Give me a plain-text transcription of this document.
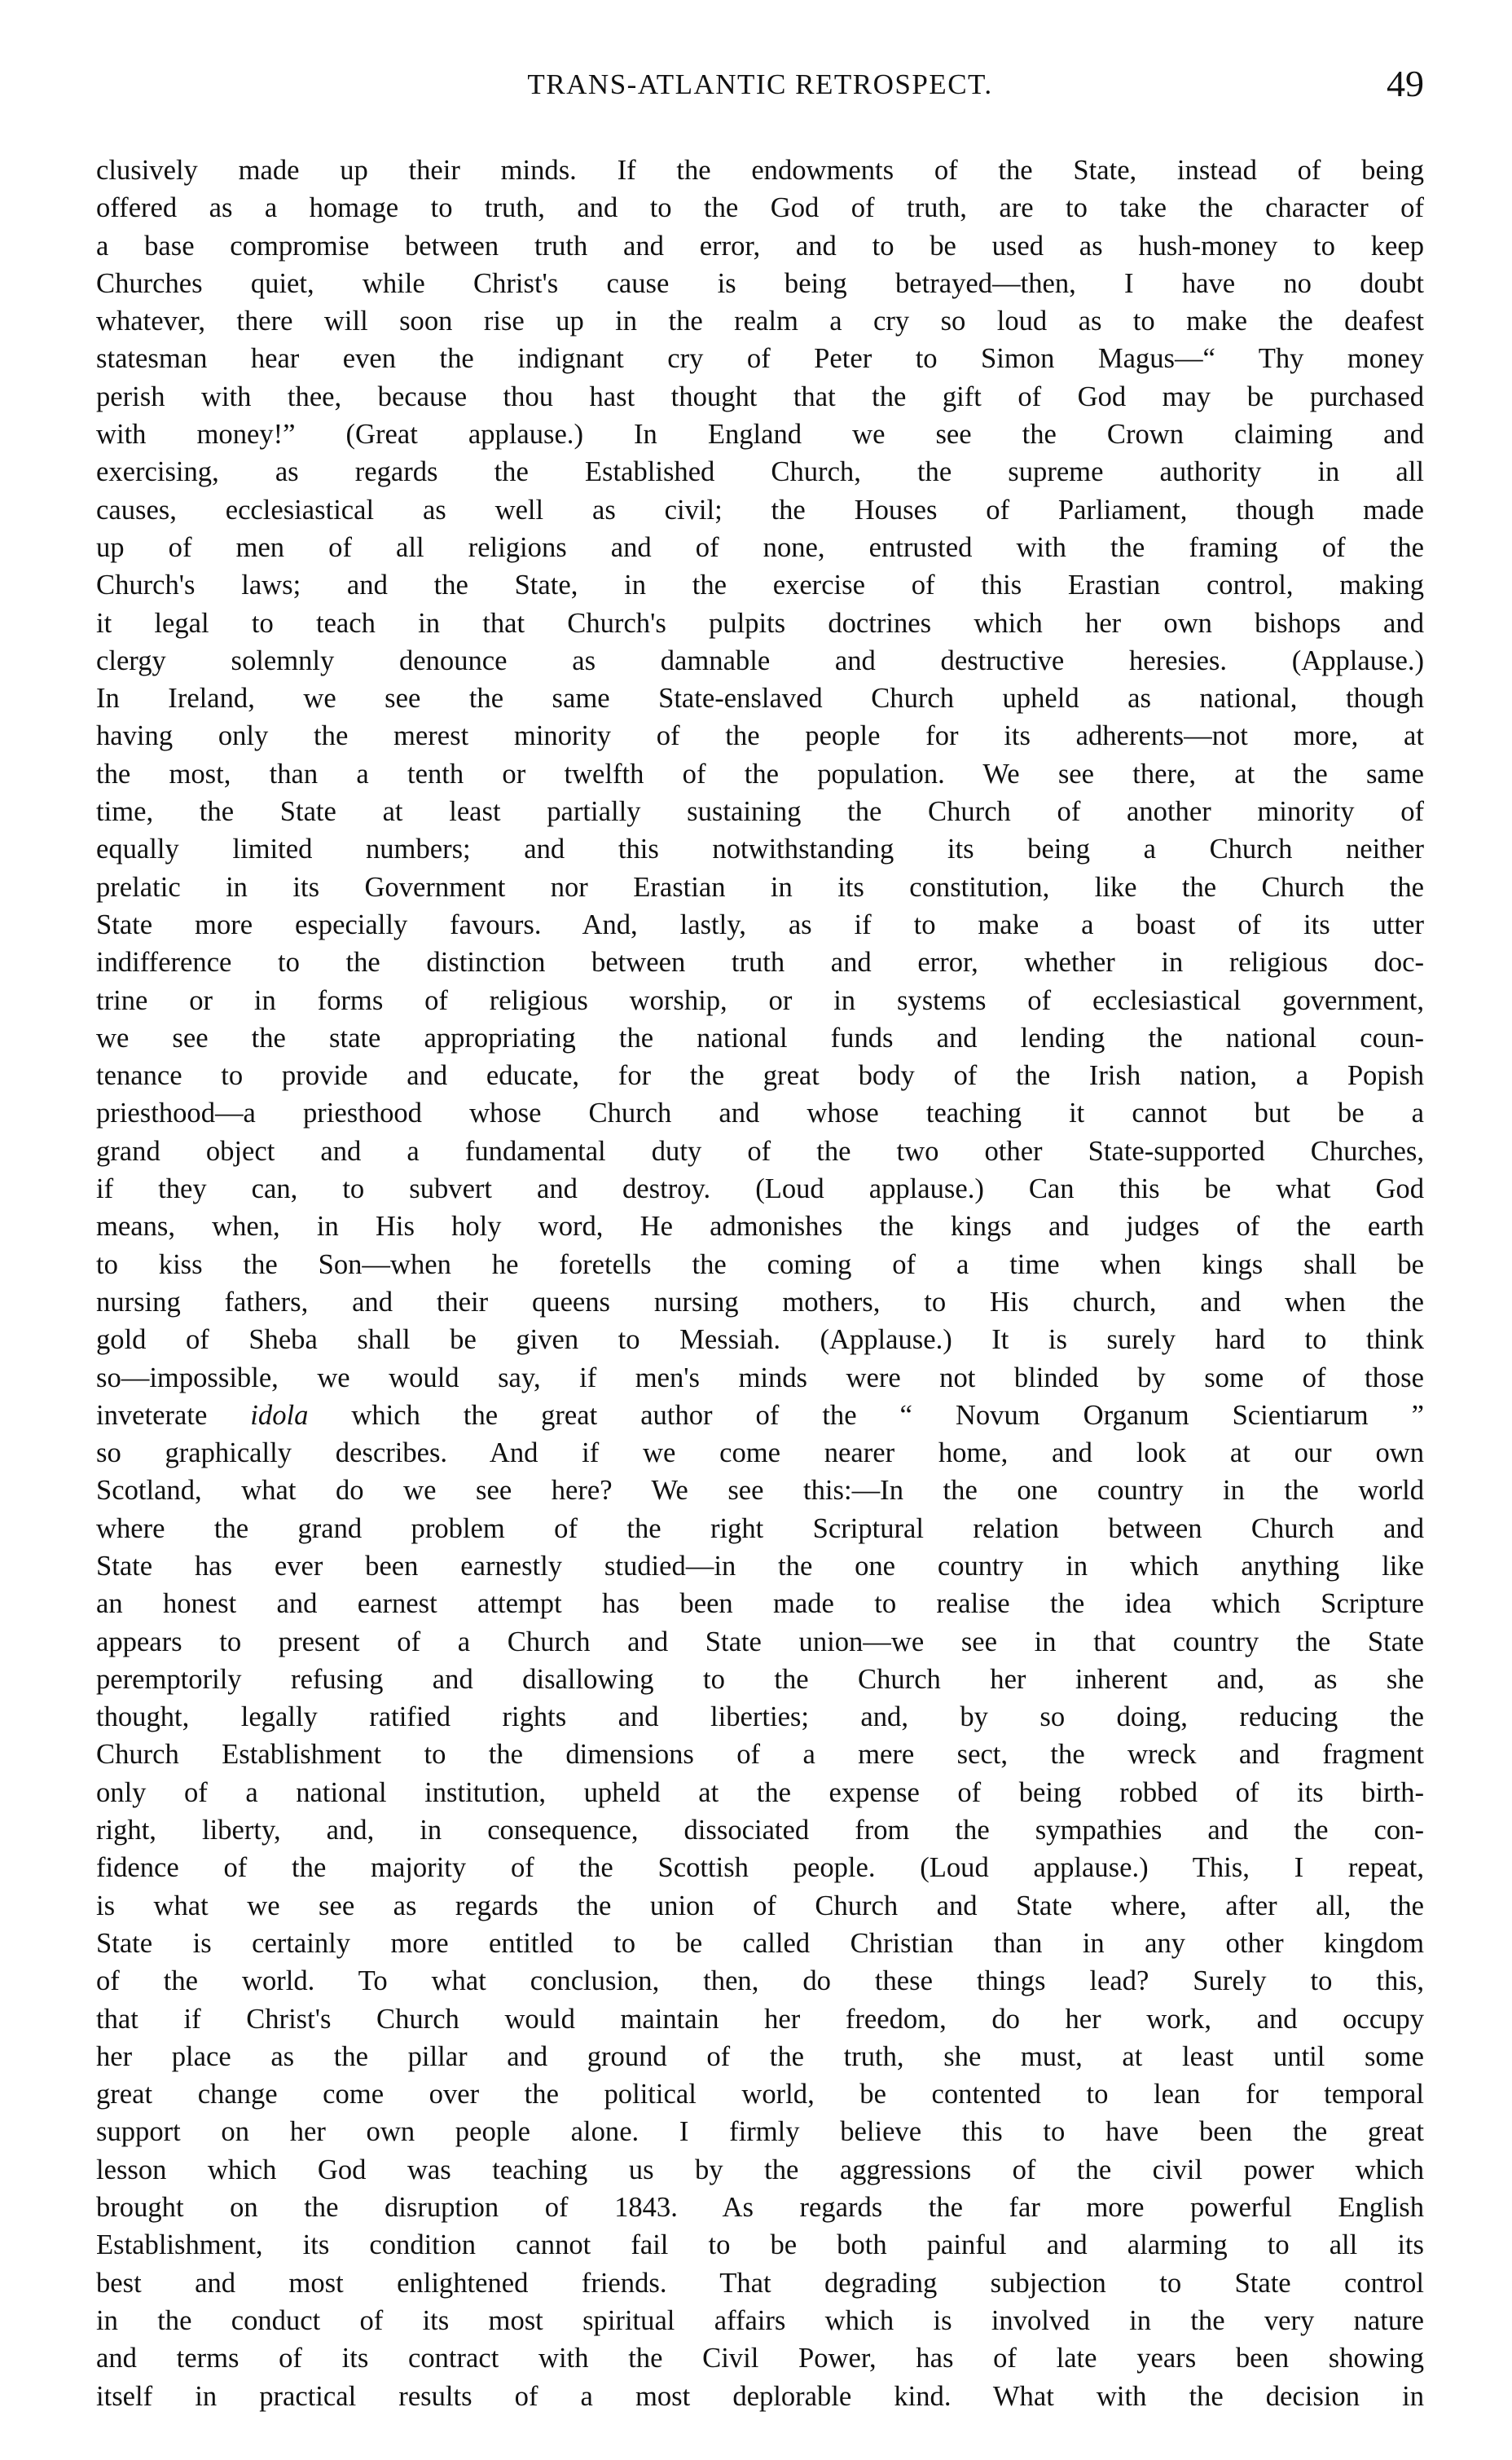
TRANS-ATLANTIC RETROSPECT.	49
clusively made up their minds. If the endowments of the State, instead of being
offered as a homage to truth, and to the God of truth, are to take the character of
a base compromise between truth and error, and to be used as hush-money to keep
Churches quiet, while Christ's cause is being betrayed—then, I have no doubt
whatever, there will soon rise up in the realm a cry so loud as to make the deafest
statesman hear even the indignant cry of Peter to Simon Magus—“ Thy money
perish with thee, because thou hast thought that the gift of God may be purchased
with money!” (Great applause.) In England we see the Crown claiming and
exercising, as regards the Established Church, the supreme authority in all
causes, ecclesiastical as well as civil; the Houses of Parliament, though made
up of men of all religions and of none, entrusted with the framing of the
Church's laws; and the State, in the exercise of this Erastian control, making
it legal to teach in that Church's pulpits doctrines which her own bishops and
clergy solemnly denounce as damnable and destructive heresies. (Applause.)
In Ireland, we see the same State-enslaved Church upheld as national, though
having only the merest minority of the people for its adherents—not more, at
the most, than a tenth or twelfth of the population. We see there, at the same
time, the State at least partially sustaining the Church of another minority of
equally limited numbers; and this notwithstanding its being a Church neither
prelatic in its Government nor Erastian in its constitution, like the Church the
State more especially favours. And, lastly, as if to make a boast of its utter
indifference to the distinction between truth and error, whether in religious doc-
trine or in forms of religious worship, or in systems of ecclesiastical government,
we see the state appropriating the national funds and lending the national coun-
tenance to provide and educate, for the great body of the Irish nation, a Popish
priesthood—a priesthood whose Church and whose teaching it cannot but be a
grand object and a fundamental duty of the two other State-supported Churches,
if they can, to subvert and destroy. (Loud applause.) Can this be what God
means, when, in His holy word, He admonishes the kings and judges of the earth
to kiss the Son—when he foretells the coming of a time when kings shall be
nursing fathers, and their queens nursing mothers, to His church, and when the
gold of Sheba shall be given to Messiah. (Applause.) It is surely hard to think
so—impossible, we would say, if men's minds were not blinded by some of those
inveterate idola which the great author of the “ Novum Organum Scientiarum ”
so graphically describes. And if we come nearer home, and look at our own
Scotland, what do we see here? We see this:—In the one country in the world
where the grand problem of the right Scriptural relation between Church and
State has ever been earnestly studied—in the one country in which anything like
an honest and earnest attempt has been made to realise the idea which Scripture
appears to present of a Church and State union—we see in that country the State
peremptorily refusing and disallowing to the Church her inherent and, as she
thought, legally ratified rights and liberties; and, by so doing, reducing the
Church Establishment to the dimensions of a mere sect, the wreck and fragment
only of a national institution, upheld at the expense of being robbed of its birth-
right, liberty, and, in consequence, dissociated from the sympathies and the con-
fidence of the majority of the Scottish people. (Loud applause.) This, I repeat,
is what we see as regards the union of Church and State where, after all, the
State is certainly more entitled to be called Christian than in any other kingdom
of the world. To what conclusion, then, do these things lead? Surely to this,
that if Christ's Church would maintain her freedom, do her work, and occupy
her place as the pillar and ground of the truth, she must, at least until some
great change come over the political world, be contented to lean for temporal
support on her own people alone. I firmly believe this to have been the great
lesson which God was teaching us by the aggressions of the civil power which
brought on the disruption of 1843. As regards the far more powerful English
Establishment, its condition cannot fail to be both painful and alarming to all its
best and most enlightened friends. That degrading subjection to State control
in the conduct of its most spiritual affairs which is involved in the very nature
and terms of its contract with the Civil Power, has of late years been showing
itself in practical results of a most deplorable kind. What with the decision in
